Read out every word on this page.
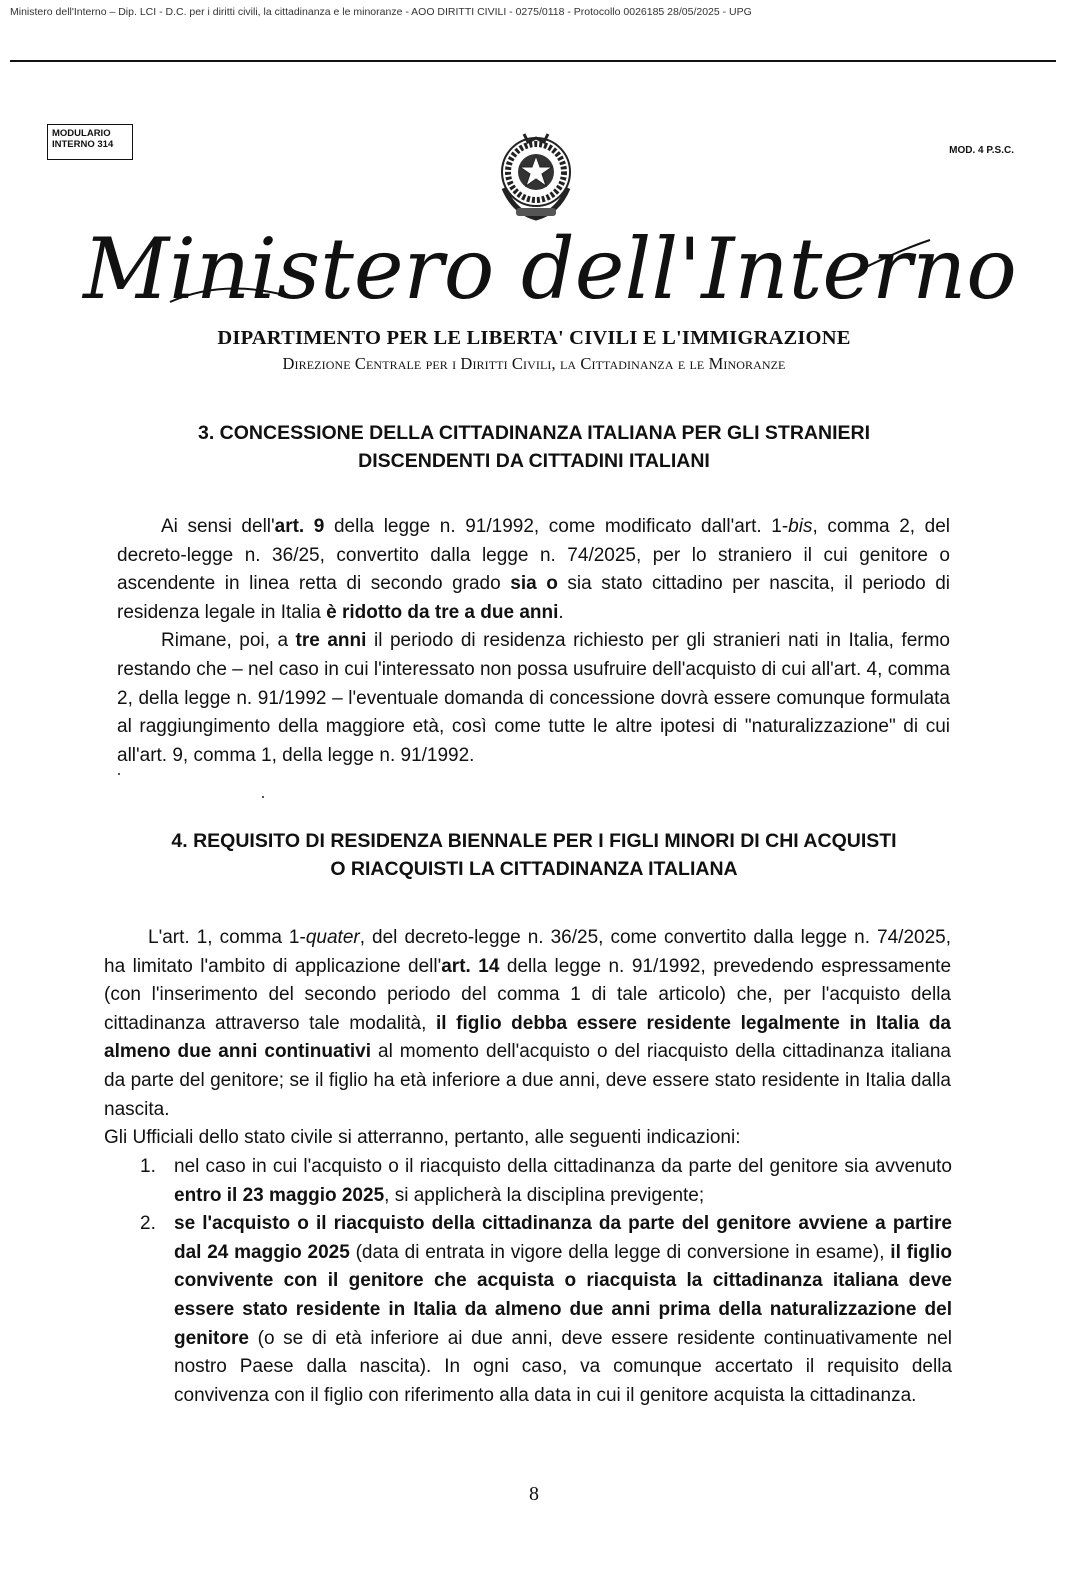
Ministero dell'Interno – Dip. LCI - D.C. per i diritti civili, la cittadinanza e le minoranze - AOO DIRITTI CIVILI - 0275/0118 - Protocollo 0026185 28/05/2025 - UPG
MODULARIO
INTERNO 314
MOD. 4 P.S.C.
Ministero dell'Interno
DIPARTIMENTO PER LE LIBERTA' CIVILI E L'IMMIGRAZIONE
Direzione Centrale per i Diritti Civili, la Cittadinanza e le Minoranze
3. CONCESSIONE DELLA CITTADINANZA ITALIANA PER GLI STRANIERI
DISCENDENTI DA CITTADINI ITALIANI

Ai sensi dell'art. 9 della legge n. 91/1992, come modificato dall'art. 1-bis, comma 2, del decreto-legge n. 36/25, convertito dalla legge n. 74/2025, per lo straniero il cui genitore o ascendente in linea retta di secondo grado sia o sia stato cittadino per nascita, il periodo di residenza legale in Italia è ridotto da tre a due anni.

Rimane, poi, a tre anni il periodo di residenza richiesto per gli stranieri nati in Italia, fermo restando che – nel caso in cui l'interessato non possa usufruire dell'acquisto di cui all'art. 4, comma 2, della legge n. 91/1992 – l'eventuale domanda di concessione dovrà essere comunque formulata al raggiungimento della maggiore età, così come tutte le altre ipotesi di "naturalizzazione" di cui all'art. 9, comma 1, della legge n. 91/1992.

4. REQUISITO DI RESIDENZA BIENNALE PER I FIGLI MINORI DI CHI ACQUISTI
O RIACQUISTI LA CITTADINANZA ITALIANA

L'art. 1, comma 1-quater, del decreto-legge n. 36/25, come convertito dalla legge n. 74/2025, ha limitato l'ambito di applicazione dell'art. 14 della legge n. 91/1992, prevedendo espressamente (con l'inserimento del secondo periodo del comma 1 di tale articolo) che, per l'acquisto della cittadinanza attraverso tale modalità, il figlio debba essere residente legalmente in Italia da almeno due anni continuativi al momento dell'acquisto o del riacquisto della cittadinanza italiana da parte del genitore; se il figlio ha età inferiore a due anni, deve essere stato residente in Italia dalla nascita.

Gli Ufficiali dello stato civile si atterranno, pertanto, alle seguenti indicazioni:

1. nel caso in cui l'acquisto o il riacquisto della cittadinanza da parte del genitore sia avvenuto entro il 23 maggio 2025, si applicherà la disciplina previgente;
2. se l'acquisto o il riacquisto della cittadinanza da parte del genitore avviene a partire dal 24 maggio 2025 (data di entrata in vigore della legge di conversione in esame), il figlio convivente con il genitore che acquista o riacquista la cittadinanza italiana deve essere stato residente in Italia da almeno due anni prima della naturalizzazione del genitore (o se di età inferiore ai due anni, deve essere residente continuativamente nel nostro Paese dalla nascita). In ogni caso, va comunque accertato il requisito della convivenza con il figlio con riferimento alla data in cui il genitore acquista la cittadinanza.
8
